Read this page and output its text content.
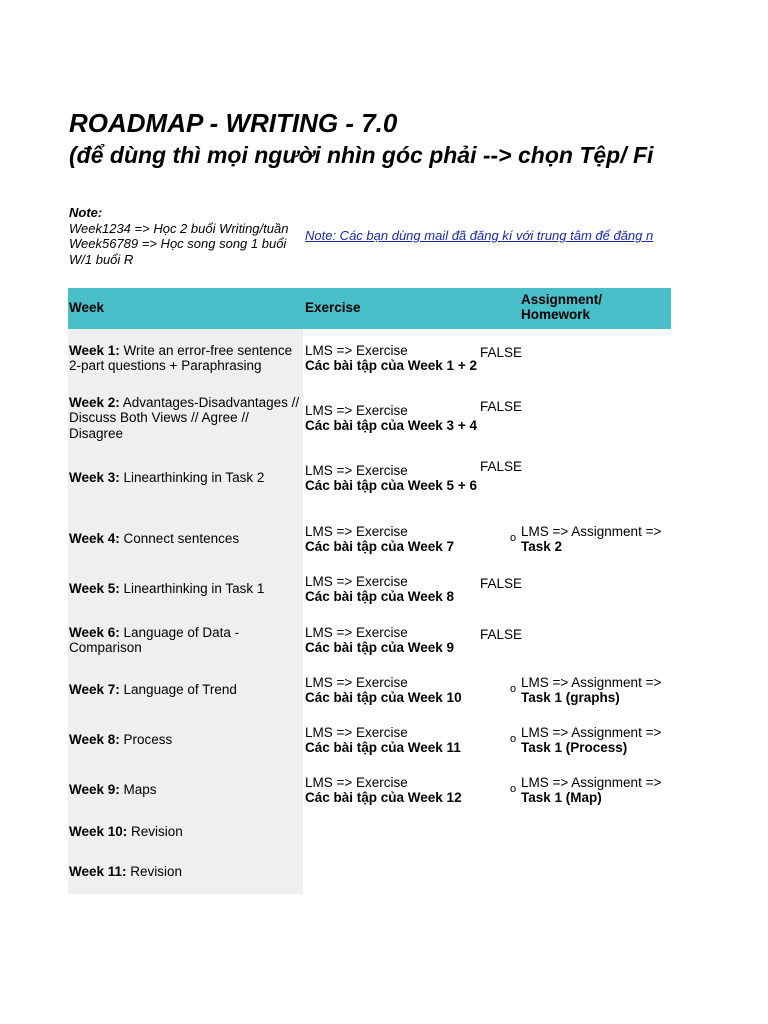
ROADMAP - WRITING - 7.0
(để dùng thì mọi người nhìn góc phải --> chọn Tệp/ Fi
Note:
Week1234 => Học 2 buổi Writing/tuần
Week56789 => Học song song 1 buổi
W/1 buổi R
Note: Các bạn dùng mail đã đăng kí với trung tâm để đăng n
Week	Exercise
Assignment/ Homework
Week 1: Write an error-free sentence 2-part questions + Paraphrasing
LMS => Exercise
Các bài tập của Week 1 + 2
FALSE
Week 2: Advantages-Disadvantages // Discuss Both Views // Agree // Disagree
LMS => Exercise
Các bài tập của Week 3 + 4
FALSE
Week 3: Linearthinking in Task 2
LMS => Exercise
Các bài tập của Week 5 + 6
FALSE
Week 4: Connect sentences
LMS => Exercise
Các bài tập của Week 7
o LMS => Assignment =>
Task 2
Week 5: Linearthinking in Task 1
LMS => Exercise
Các bài tập của Week 8
FALSE
Week 6: Language of Data - Comparison
LMS => Exercise
Các bài tập của Week 9
FALSE
Week 7: Language of Trend
LMS => Exercise
Các bài tập của Week 10
o LMS => Assignment =>
Task 1 (graphs)
Week 8: Process
LMS => Exercise
Các bài tập của Week 11
o LMS => Assignment =>
Task 1 (Process)
Week 9: Maps
LMS => Exercise
Các bài tập của Week 12
o LMS => Assignment =>
Task 1 (Map)
Week 10: Revision
Week 11: Revision
